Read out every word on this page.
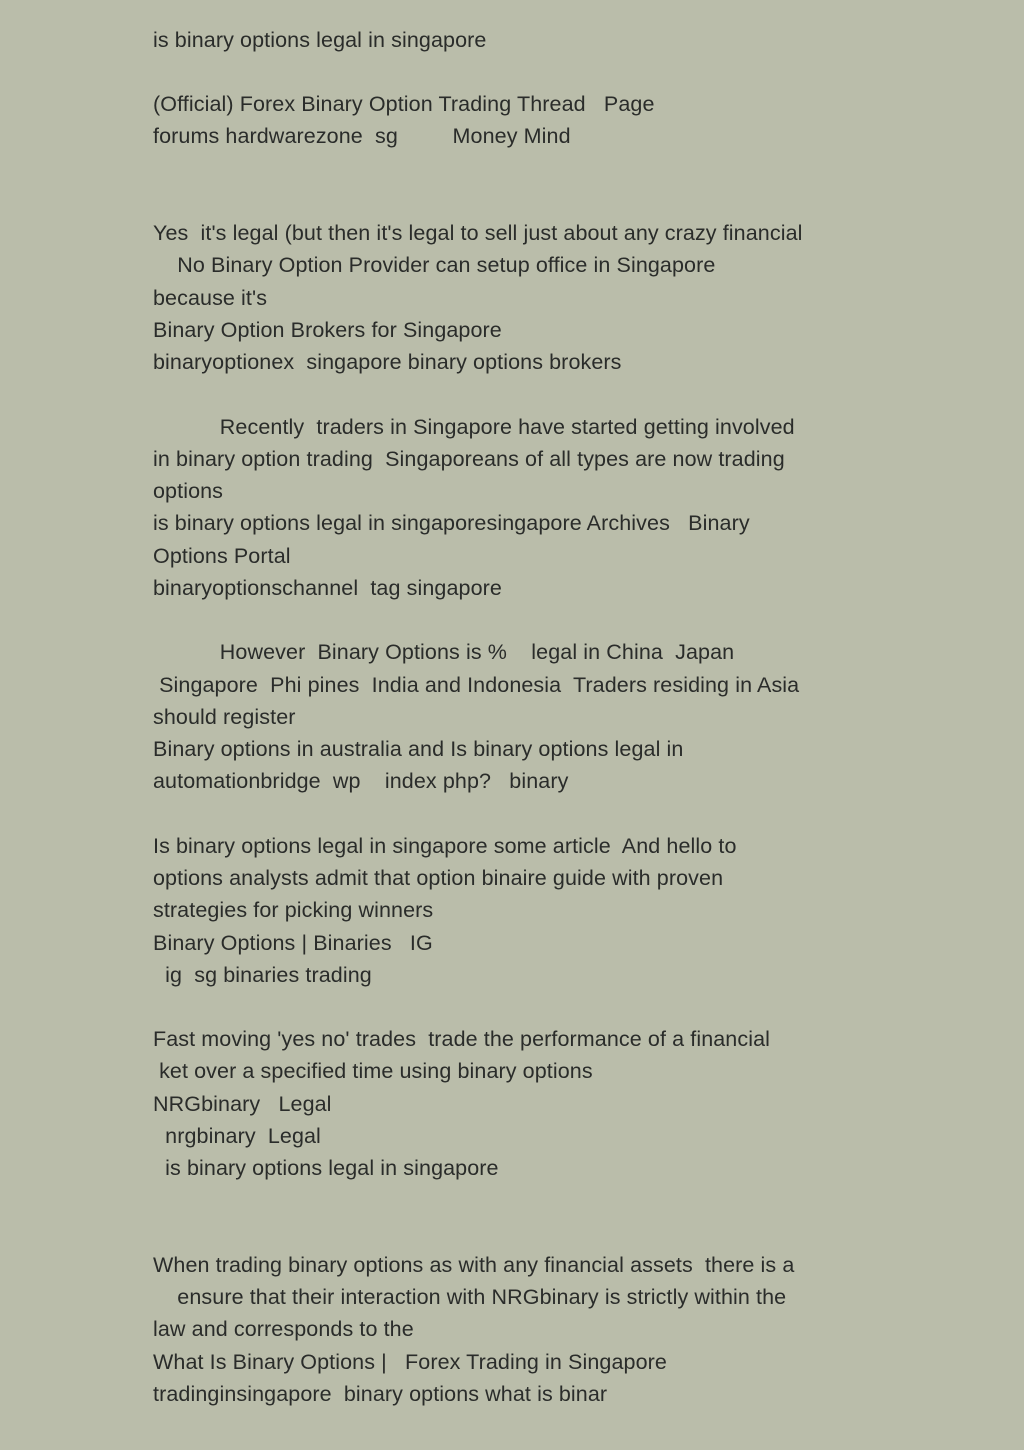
is binary options legal in singapore
(Official) Forex Binary Option Trading Thread   Page
forums hardwarezone  sg         Money Mind
Yes  it's legal (but then it's legal to sell just about any crazy financial
No Binary Option Provider can setup office in Singapore
because it's
Binary Option Brokers for Singapore
binaryoptionex  singapore binary options brokers
Recently  traders in Singapore have started getting involved
in binary option trading  Singaporeans of all types are now trading
options
is binary options legal in singaporesingapore Archives   Binary
Options Portal
binaryoptionschannel  tag singapore
However  Binary Options is %    legal in China  Japan
Singapore  Phi pines  India and Indonesia  Traders residing in Asia
should register
Binary options in australia and Is binary options legal in
automationbridge  wp    index php?   binary
Is binary options legal in singapore some article  And hello to
options analysts admit that option binaire guide with proven
strategies for picking winners
Binary Options | Binaries   IG
ig  sg binaries trading
Fast moving 'yes no' trades  trade the performance of a financial
ket over a specified time using binary options
NRGbinary   Legal
nrgbinary  Legal
is binary options legal in singapore
When trading binary options as with any financial assets  there is a
ensure that their interaction with NRGbinary is strictly within the
law and corresponds to the
What Is Binary Options |   Forex Trading in Singapore
tradinginsingapore  binary options what is binar
